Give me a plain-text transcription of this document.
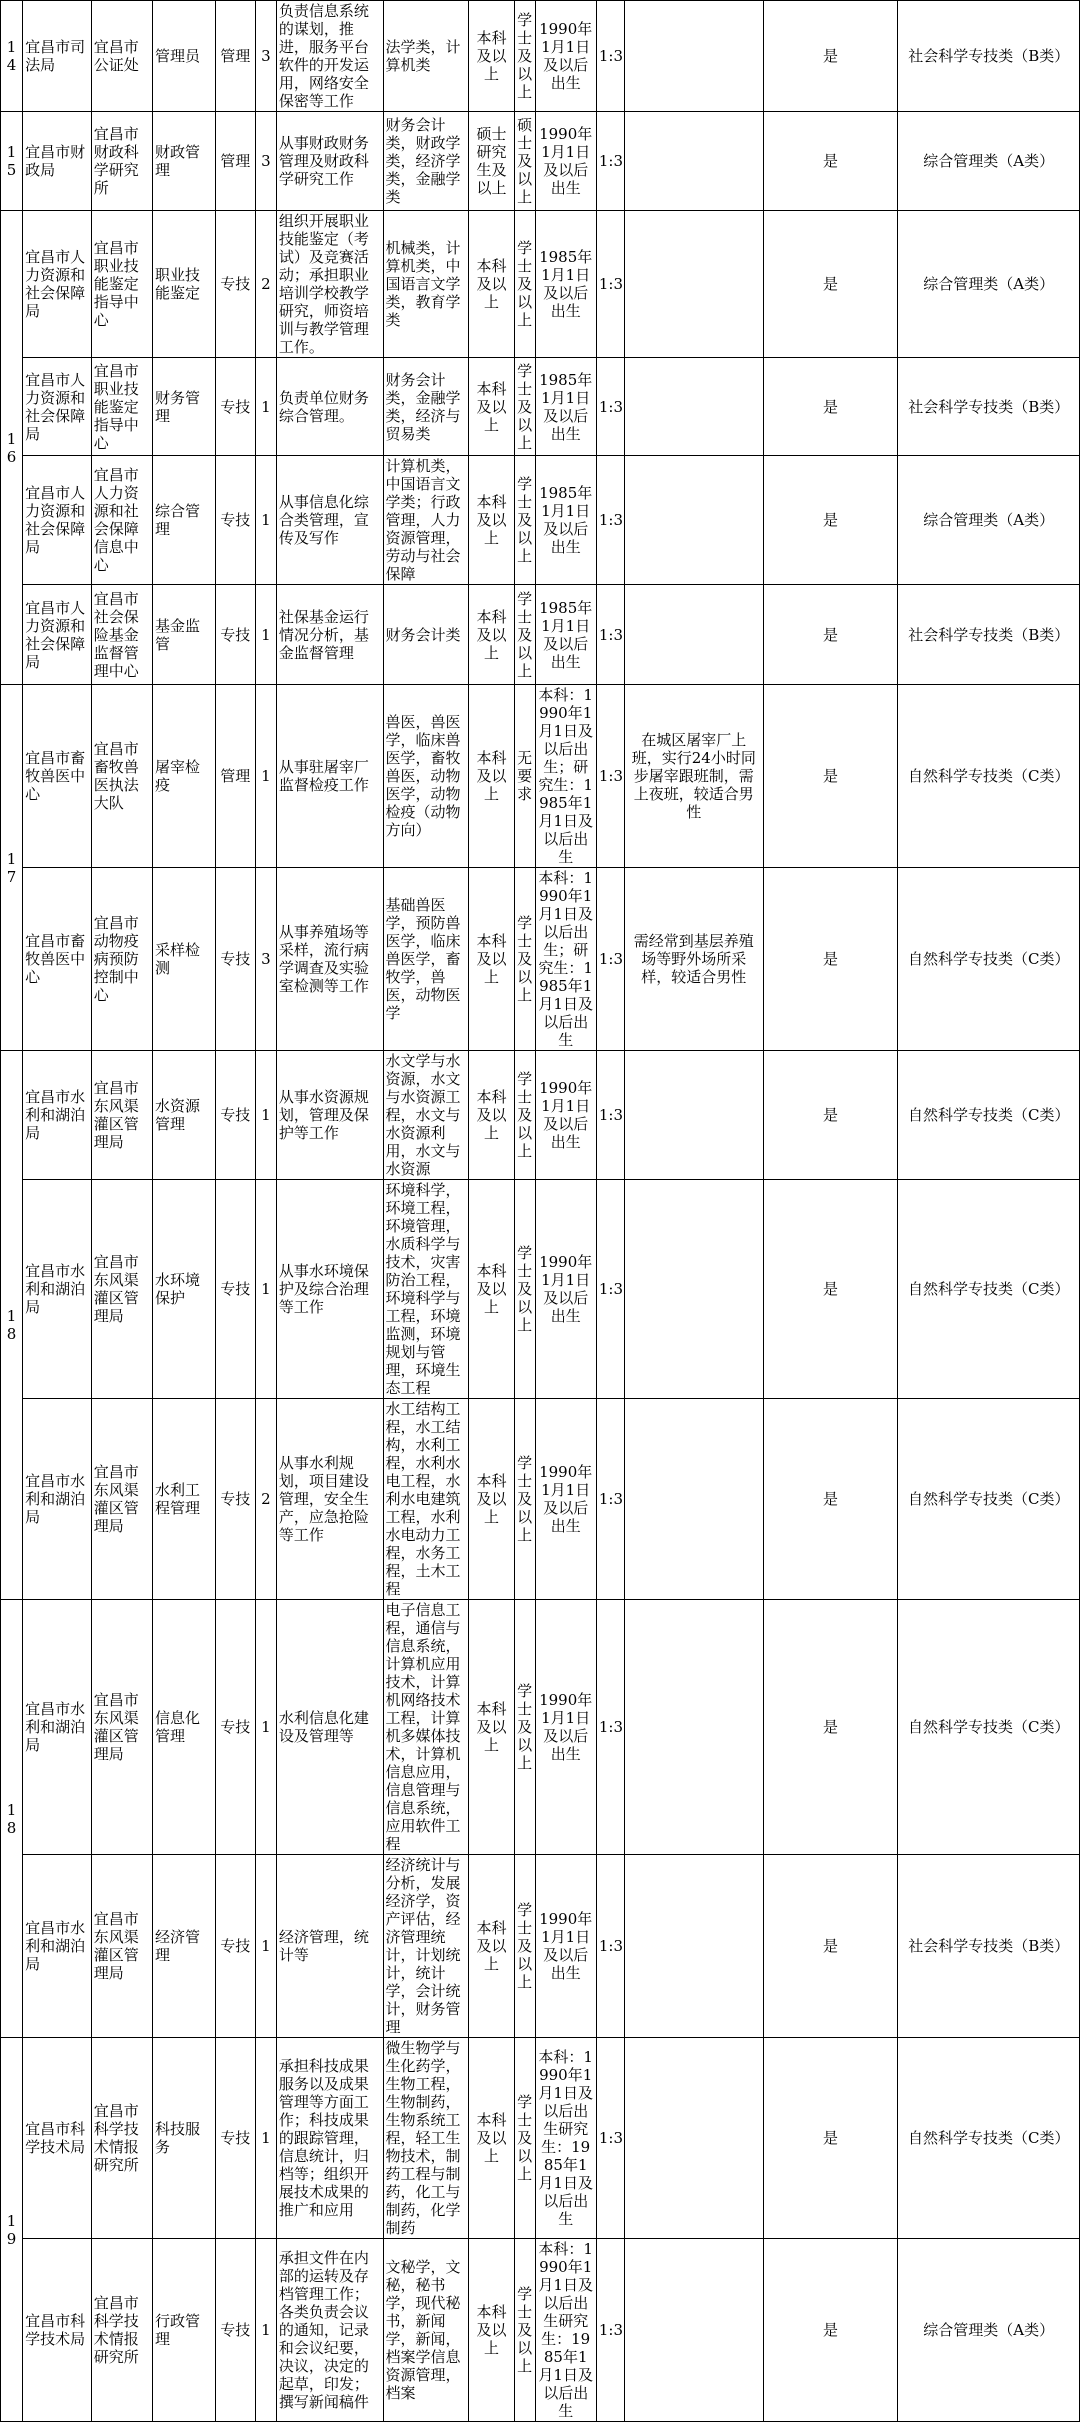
14	宜昌市司法局	宜昌市公证处	管理员	管理	3	负责信息系统的谋划，推进，服务平台软件的开发运用，网络安全保密等工作	法学类，计算机类	本科及以上	学士及以上	1990年1月1日及以后出生	1:3		是	社会科学专技类（B类）
15	宜昌市财政局	宜昌市财政科学研究所	财政管理	管理	3	从事财政财务管理及财政科学研究工作	财务会计类，财政学类，经济学类，金融学类	硕士研究生及以上	硕士及以上	1990年1月1日及以后出生	1:3		是	综合管理类（A类）
16	宜昌市人力资源和社会保障局	宜昌市职业技能鉴定指导中心	职业技能鉴定	专技	2	组织开展职业技能鉴定（考试）及竞赛活动；承担职业培训学校教学研究，师资培训与教学管理工作。	机械类，计算机类，中国语言文学类，教育学类	本科及以上	学士及以上	1985年1月1日及以后出生	1:3		是	综合管理类（A类）
	宜昌市人力资源和社会保障局	宜昌市职业技能鉴定指导中心	财务管理	专技	1	负责单位财务综合管理。	财务会计类，金融学类，经济与贸易类	本科及以上	学士及以上	1985年1月1日及以后出生	1:3		是	社会科学专技类（B类）
	宜昌市人力资源和社会保障局	宜昌市人力资源和社会保障信息中心	综合管理	专技	1	从事信息化综合类管理，宣传及写作	计算机类，中国语言文学类；行政管理，人力资源管理，劳动与社会保障	本科及以上	学士及以上	1985年1月1日及以后出生	1:3		是	综合管理类（A类）
	宜昌市人力资源和社会保障局	宜昌市社会保险基金监督管理中心	基金监管	专技	1	社保基金运行情况分析，基金监督管理	财务会计类	本科及以上	学士及以上	1985年1月1日及以后出生	1:3		是	社会科学专技类（B类）
17	宜昌市畜牧兽医中心	宜昌市畜牧兽医执法大队	屠宰检疫	管理	1	从事驻屠宰厂监督检疫工作	兽医，兽医学，临床兽医学，畜牧兽医，动物医学，动物检疫（动物方向）	本科及以上	无要求	本科：1990年1月1日及以后出生；研究生：1985年1月1日及以后出生	1:3	在城区屠宰厂上班，实行24小时同步屠宰跟班制，需上夜班，较适合男性	是	自然科学专技类（C类）
	宜昌市畜牧兽医中心	宜昌市动物疫病预防控制中心	采样检测	专技	3	从事养殖场等采样，流行病学调查及实验室检测等工作	基础兽医学，预防兽医学，临床兽医学，畜牧学，兽医，动物医学	本科及以上	学士及以上	本科：1990年1月1日及以后出生；研究生：1985年1月1日及以后出生	1:3	需经常到基层养殖场等野外场所采样，较适合男性	是	自然科学专技类（C类）
18	宜昌市水利和湖泊局	宜昌市东风渠灌区管理局	水资源管理	专技	1	从事水资源规划，管理及保护等工作	水文学与水资源，水文与水资源工程，水文与水资源利用，水文与水资源	本科及以上	学士及以上	1990年1月1日及以后出生	1:3		是	自然科学专技类（C类）
	宜昌市水利和湖泊局	宜昌市东风渠灌区管理局	水环境保护	专技	1	从事水环境保护及综合治理等工作	环境科学，环境工程，环境管理，水质科学与技术，灾害防治工程，环境科学与工程，环境监测，环境规划与管理，环境生态工程	本科及以上	学士及以上	1990年1月1日及以后出生	1:3		是	自然科学专技类（C类）
	宜昌市水利和湖泊局	宜昌市东风渠灌区管理局	水利工程管理	专技	2	从事水利规划，项目建设管理，安全生产，应急抢险等工作	水工结构工程，水工结构，水利工程，水利水电工程，水利水电建筑工程，水利水电动力工程，水务工程，土木工程	本科及以上	学士及以上	1990年1月1日及以后出生	1:3		是	自然科学专技类（C类）
18	宜昌市水利和湖泊局	宜昌市东风渠灌区管理局	信息化管理	专技	1	水利信息化建设及管理等	电子信息工程，通信与信息系统，计算机应用技术，计算机网络技术工程，计算机多媒体技术，计算机信息应用，信息管理与信息系统，应用软件工程	本科及以上	学士及以上	1990年1月1日及以后出生	1:3		是	自然科学专技类（C类）
	宜昌市水利和湖泊局	宜昌市东风渠灌区管理局	经济管理	专技	1	经济管理，统计等	经济统计与分析，发展经济学，资产评估，经济管理统计，计划统计，统计学，会计统计，财务管理	本科及以上	学士及以上	1990年1月1日及以后出生	1:3		是	社会科学专技类（B类）
19	宜昌市科学技术局	宜昌市科学技术情报研究所	科技服务	专技	1	承担科技成果服务以及成果管理等方面工作；科技成果的跟踪管理，信息统计，归档等；组织开展技术成果的推广和应用	微生物学与生化药学，生物工程，生物制药，生物系统工程，轻工生物技术，制药工程与制药，化工与制药，化学制药	本科及以上	学士及以上	本科：1990年1月1日及以后出生研究生：1985年1月1日及以后出生	1:3		是	自然科学专技类（C类）
	宜昌市科学技术局	宜昌市科学技术情报研究所	行政管理	专技	1	承担文件在内部的运转及存档管理工作；各类负责会议的通知，记录和会议纪要，决议，决定的起草，印发；撰写新闻稿件	文秘学，文秘，秘书学，现代秘书，新闻学，新闻，档案学信息资源管理，档案	本科及以上	学士及以上	本科：1990年1月1日及以后出生研究生：1985年1月1日及以后出生	1:3		是	综合管理类（A类）
